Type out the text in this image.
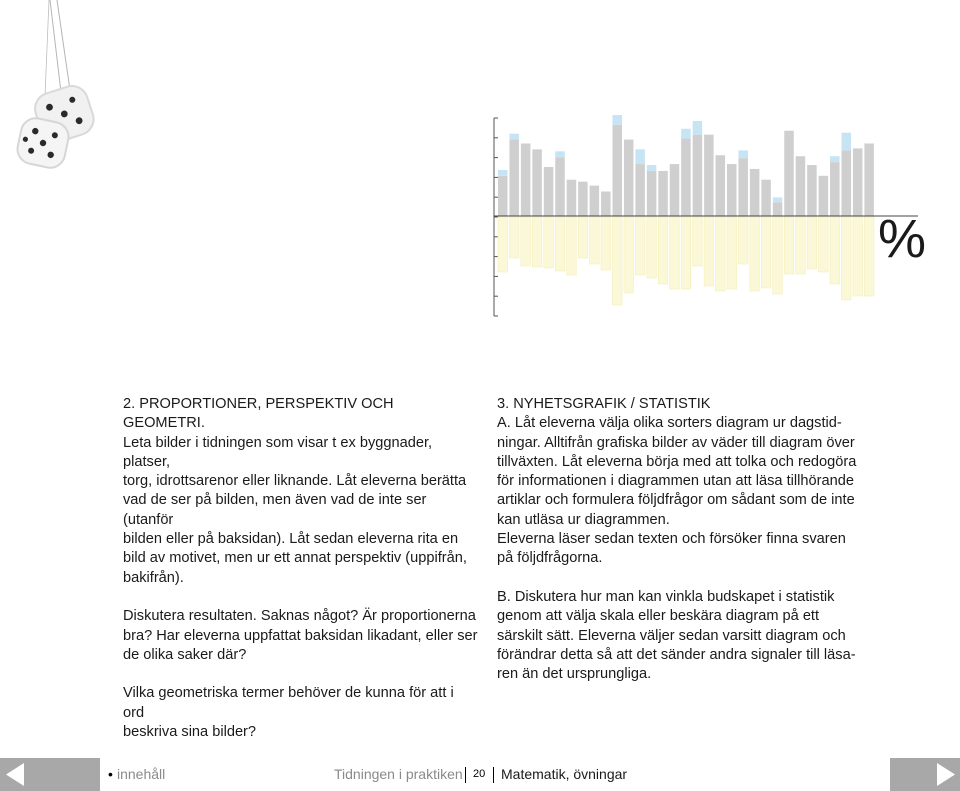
%

2. PROPORTIONER, PERSPEKTIV OCH GEOMETRI.

Leta bilder i tidningen som visar t ex byggnader, platser,
torg, idrottsarenor eller liknande. Låt eleverna berätta
vad de ser på bilden, men även vad de inte ser (utanför
bilden eller på baksidan). Låt sedan eleverna rita en
bild av motivet, men ur ett annat perspektiv (uppifrån,
bakifrån).

Diskutera resultaten. Saknas något? Är proportionerna
bra? Har eleverna uppfattat baksidan likadant, eller ser
de olika saker där?

Vilka geometriska termer behöver de kunna för att i ord
beskriva sina bilder?

3. NYHETSGRAFIK / STATISTIK

A. Låt eleverna välja olika sorters diagram ur dagstid-
ningar. Alltifrån grafiska bilder av väder till diagram över
tillväxten. Låt eleverna börja med att tolka och redogöra
för informationen i diagrammen utan att läsa tillhörande
artiklar och formulera följdfrågor om sådant som de inte
kan utläsa ur diagrammen.
Eleverna läser sedan texten och försöker finna svaren
på följdfrågorna.

B. Diskutera hur man kan vinkla budskapet i statistik
genom att välja skala eller beskära diagram på ett
särskilt sätt. Eleverna väljer sedan varsitt diagram och
förändrar detta så att det sänder andra signaler till läsa-
ren än det ursprungliga.

• innehåll	Tidningen i praktiken 20 Matematik, övningar
